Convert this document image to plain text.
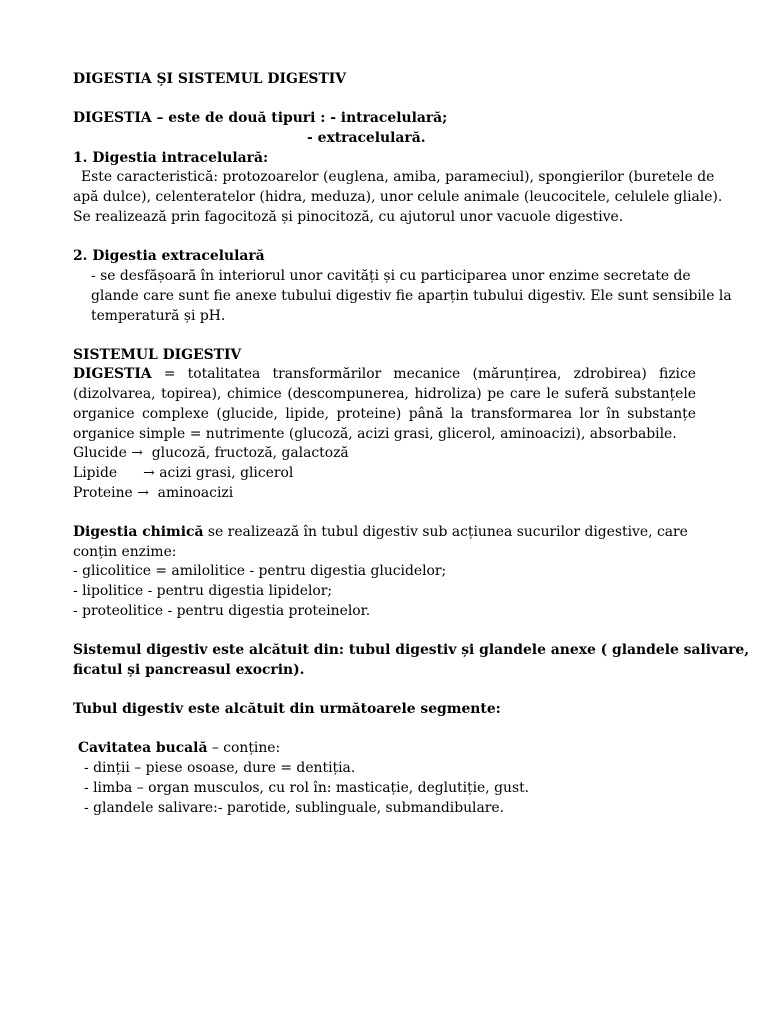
DIGESTIA ȘI SISTEMUL DIGESTIV
DIGESTIA – este de două tipuri : - intracelulară;
- extracelulară.
1. Digestia intracelulară:
Este caracteristică: protozoarelor (euglena, amiba, parameciul), spongierilor (buretele de
apă dulce), celenteratelor (hidra, meduza), unor celule animale (leucocitele, celulele gliale).
Se realizează prin fagocitoză și pinocitoză, cu ajutorul unor vacuole digestive.
2. Digestia extracelulară
- se desfășoară în interiorul unor cavități și cu participarea unor enzime secretate de
glande care sunt fie anexe tubului digestiv fie aparțin tubului digestiv. Ele sunt sensibile la
temperatură și pH.
SISTEMUL DIGESTIV
DIGESTIA = totalitatea transformărilor mecanice (mărunțirea, zdrobirea) fizice
(dizolvarea, topirea), chimice (descompunerea, hidroliza) pe care le suferă substanțele
organice complexe (glucide, lipide, proteine) până la transformarea lor în substanțe
organice simple = nutrimente (glucoză, acizi grasi, glicerol, aminoacizi), absorbabile.
Glucide → glucoză, fructoză, galactoză
Lipide → acizi grasi, glicerol
Proteine → aminoacizi
Digestia chimică se realizează în tubul digestiv sub acțiunea sucurilor digestive, care
conțin enzime:
- glicolitice = amilolitice - pentru digestia glucidelor;
- lipolitice - pentru digestia lipidelor;
- proteolitice - pentru digestia proteinelor.
Sistemul digestiv este alcătuit din: tubul digestiv și glandele anexe ( glandele salivare,
ficatul și pancreasul exocrin).
Tubul digestiv este alcătuit din următoarele segmente:
Cavitatea bucală – conține:
- dinții – piese osoase, dure = dentiția.
- limba – organ musculos, cu rol în: masticație, deglutiție, gust.
- glandele salivare:- parotide, sublinguale, submandibulare.
